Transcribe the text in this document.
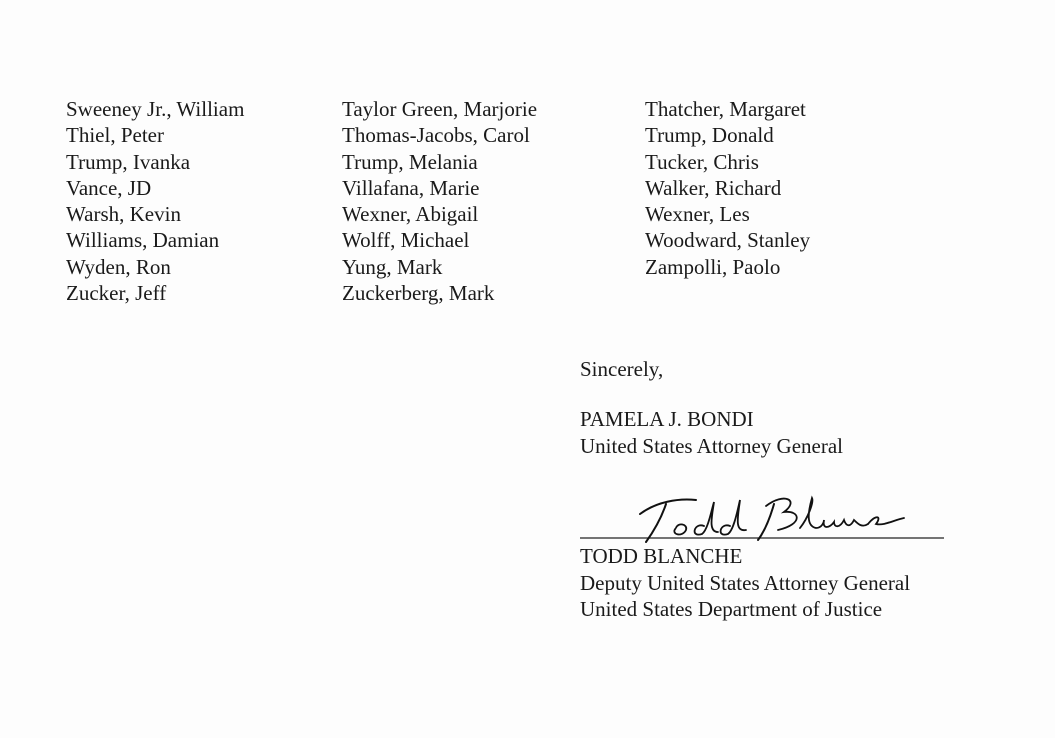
Sweeney Jr., William
Thiel, Peter
Trump, Ivanka
Vance, JD
Warsh, Kevin
Williams, Damian
Wyden, Ron
Zucker, Jeff
Taylor Green, Marjorie
Thomas-Jacobs, Carol
Trump, Melania
Villafana, Marie
Wexner, Abigail
Wolff, Michael
Yung, Mark
Zuckerberg, Mark
Thatcher, Margaret
Trump, Donald
Tucker, Chris
Walker, Richard
Wexner, Les
Woodward, Stanley
Zampolli, Paolo
Sincerely,
PAMELA J. BONDI
United States Attorney General
TODD BLANCHE
Deputy United States Attorney General
United States Department of Justice
